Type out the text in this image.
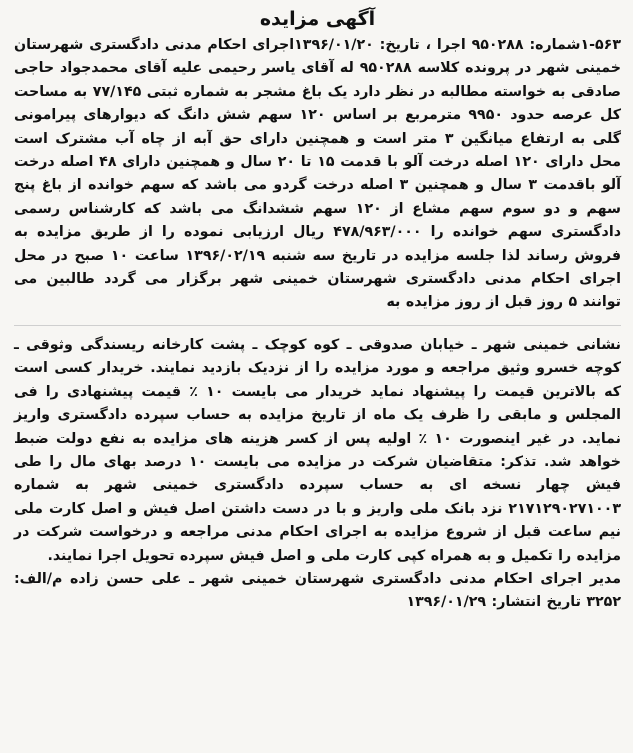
آگهی مزایده

۱-۵۶۳شماره: ۹۵۰۲۸۸ اجرا ، تاریخ: ۱۳۹۶/۰۱/۲۰اجرای احکام مدنی دادگستری شهرستان خمینی شهر در پرونده کلاسه ۹۵۰۲۸۸ له آقای یاسر رحیمی علیه آقای محمدجواد حاجی صادقی به خواسته مطالبه در نظر دارد یک باغ مشجر به شماره ثبتی ۷۷/۱۴۵ به مساحت کل عرصه حدود ۹۹۵۰ مترمربع بر اساس ۱۲۰ سهم شش دانگ که دیوارهای پیرامونی گلی به ارتفاع میانگین ۳ متر است و همچنین دارای حق آبه از چاه آب مشترک است محل دارای ۱۲۰ اصله درخت آلو با قدمت ۱۵ تا ۲۰ سال و همچنین دارای ۴۸ اصله درخت آلو باقدمت ۳ سال و همچنین ۳ اصله درخت گردو می باشد که سهم خوانده از باغ پنج سهم و دو سوم سهم مشاع از ۱۲۰ سهم ششدانگ می باشد که کارشناس رسمی دادگستری سهم خوانده را ۴۷۸/۹۶۳/۰۰۰ ریال ارزیابی نموده را از طریق مزایده به فروش رساند لذا جلسه مزایده در تاریخ سه شنبه ۱۳۹۶/۰۲/۱۹ ساعت ۱۰ صبح در محل اجرای احکام مدنی دادگستری شهرستان خمینی شهر برگزار می گردد طالبین می توانند ۵ روز قبل از روز مزایده به

نشانی خمینی شهر ـ خیابان صدوقی ـ کوه کوچک ـ پشت کارخانه ریسندگی وثوقی ـ کوچه خسرو وثیق مراجعه و مورد مزایده را از نزدیک بازدید نمایند. خریدار کسی است که بالاترین قیمت را پیشنهاد نماید خریدار می بایست ۱۰ ٪ قیمت پیشنهادی را فی المجلس و مابقی را ظرف یک ماه از تاریخ مزایده به حساب سپرده دادگستری واریز نماید. در غیر اینصورت ۱۰ ٪ اولیه پس از کسر هزینه های مزایده به نفع دولت ضبط خواهد شد. تذکر: متقاضیان شرکت در مزایده می بایست ۱۰ درصد بهای مال را طی فیش چهار نسخه ای به حساب سپرده دادگستری خمینی شهر به شماره ۲۱۷۱۲۹۰۲۷۱۰۰۳ نزد بانک ملی واریز و با در دست داشتن اصل فیش و اصل کارت ملی نیم ساعت قبل از شروع مزایده به اجرای احکام مدنی مراجعه و درخواست شرکت در مزایده را تکمیل و به همراه کپی کارت ملی و اصل فیش سپرده تحویل اجرا نمایند.

مدیر اجرای احکام مدنی دادگستری شهرستان خمینی شهر ـ علی حسن زاده م/الف: ۳۲۵۲ تاریخ انتشار: ۱۳۹۶/۰۱/۲۹
